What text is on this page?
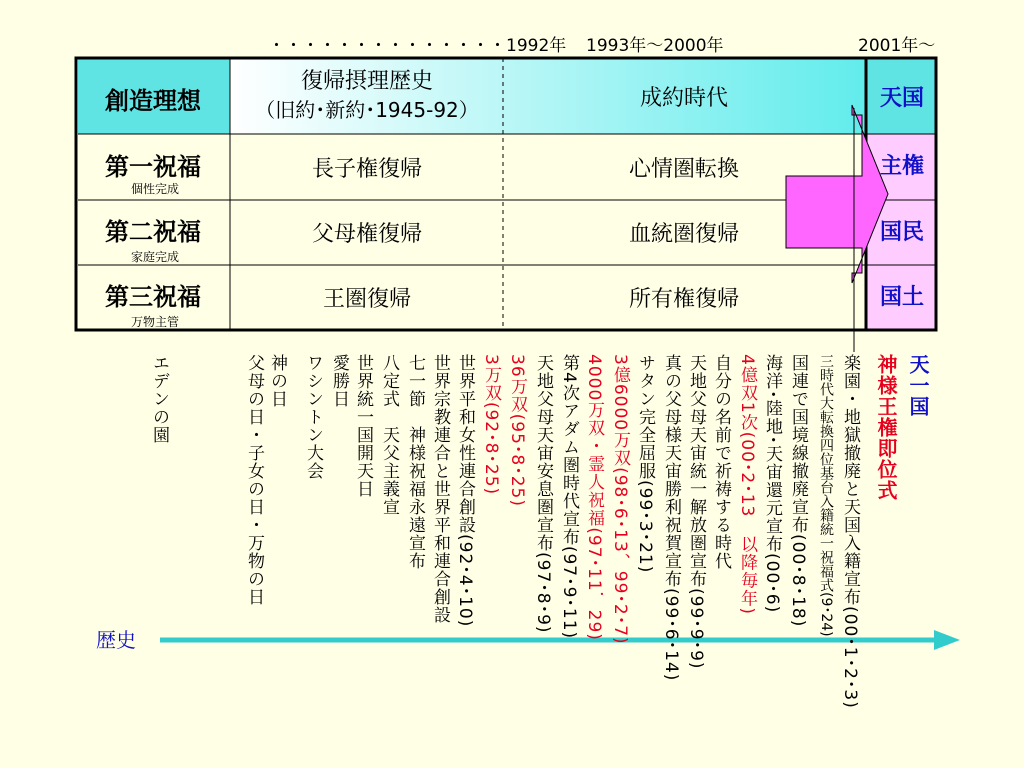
・・・・・・・・・・・・・・1992年 1993年〜2000年	2001年〜
創造理想
第一祝福
個性完成
第二祝福
家庭完成
第三祝福
万物主管
復帰摂理歴史
（旧約･新約･1945-92）
長子権復帰
父母権復帰
王圏復帰
成約時代
心情圏転換
血統圏復帰
所有権復帰
天国
主権
国民
国土
エデンの園	父母の日・子女の日・万物の日 神の日 ワシントン大会 愛勝日 世界統一国開天日 八定式　天父主義宣 七一節　神様祝福永遠宣布 世界宗教連合と世界平和連合創設 世界平和女性連合創設(92･4･10) 3万双(92･8･25) 36万双(95･8･25) 天地父母天宙安息圏宣布(97･8･9) 第4次アダム圏時代宣布(97･9･11) 4000万双・霊人祝福(97･11．29) 3億6000万双(98･6･13、99･2･7) サタン完全屈服(99･3･21) 真の父母様天宙勝利祝賀宣布(99･6･14) 天地父母天宙統一解放圏宣布(99･9･9) 自分の名前で祈祷する時代 4億双1次(00･2･13　以降毎年) 海洋･陸地･天宙還元宣布(00･6) 国連で国境線撤廃宣布(00･8･18) 三時代大転換四位基台入籍統一祝福式(9･24) 楽園・地獄撤廃と天国入籍宣布(00･1･2･3) 神様王権即位式 天一国
歴史
